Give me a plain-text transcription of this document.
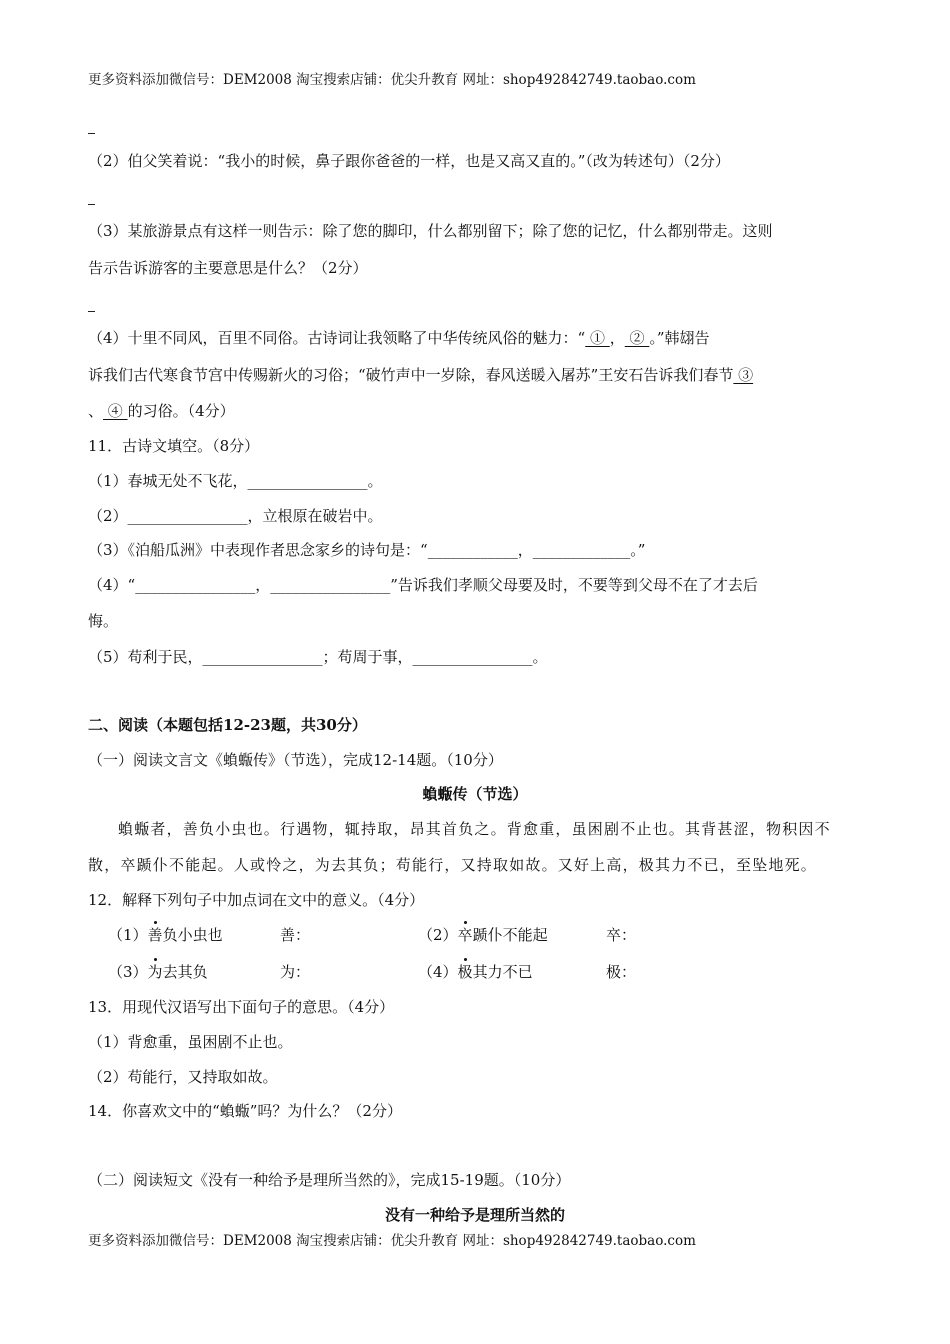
更多资料添加微信号：DEM2008 淘宝搜索店铺：优尖升教育 网址：shop492842749.taobao.com
（2）伯父笑着说：“我小的时候，鼻子跟你爸爸的一样，也是又高又直的。”（改为转述句）（2分）
（3）某旅游景点有这样一则告示：除了您的脚印，什么都别留下；除了您的记忆，什么都别带走。这则
告示告诉游客的主要意思是什么？（2分）
（4）十里不同风，百里不同俗。古诗词让我领略了中华传统风俗的魅力：“ ① ， ② 。”韩翃告
诉我们古代寒食节宫中传赐新火的习俗；“破竹声中一岁除，春风送暖入屠苏”王安石告诉我们春节 ③
、 ④ 的习俗。（4分）
11．古诗文填空。（8分）
（1）春城无处不飞花，________________。
（2）________________，立根原在破岩中。
（3）《泊船瓜洲》中表现作者思念家乡的诗句是：“____________，_____________。”
（4）“________________，________________”告诉我们孝顺父母要及时，不要等到父母不在了才去后
悔。
（5）苟利于民，________________；苟周于事，________________。
二、阅读（本题包括12-23题，共30分）
（一）阅读文言文《蝜蝂传》（节选），完成12-14题。（10分）
蝜蝂传（节选）
蝜蝂者，善负小虫也。行遇物，辄持取，昂其首负之。背愈重，虽困剧不止也。其背甚涩，物积因不
散，卒踬仆不能起。人或怜之，为去其负；苟能行，又持取如故。又好上高，极其力不已，至坠地死。
12．解释下列句子中加点词在文中的意义。（4分）
（1）善负小虫也	善：	（2）卒踬仆不能起	卒：
（3）为去其负	为：	（4）极其力不已	极：
13．用现代汉语写出下面句子的意思。（4分）
（1）背愈重，虽困剧不止也。
（2）苟能行，又持取如故。
14．你喜欢文中的“蝜蝂”吗？为什么？（2分）
（二）阅读短文《没有一种给予是理所当然的》，完成15-19题。（10分）
没有一种给予是理所当然的
更多资料添加微信号：DEM2008 淘宝搜索店铺：优尖升教育 网址：shop492842749.taobao.com
